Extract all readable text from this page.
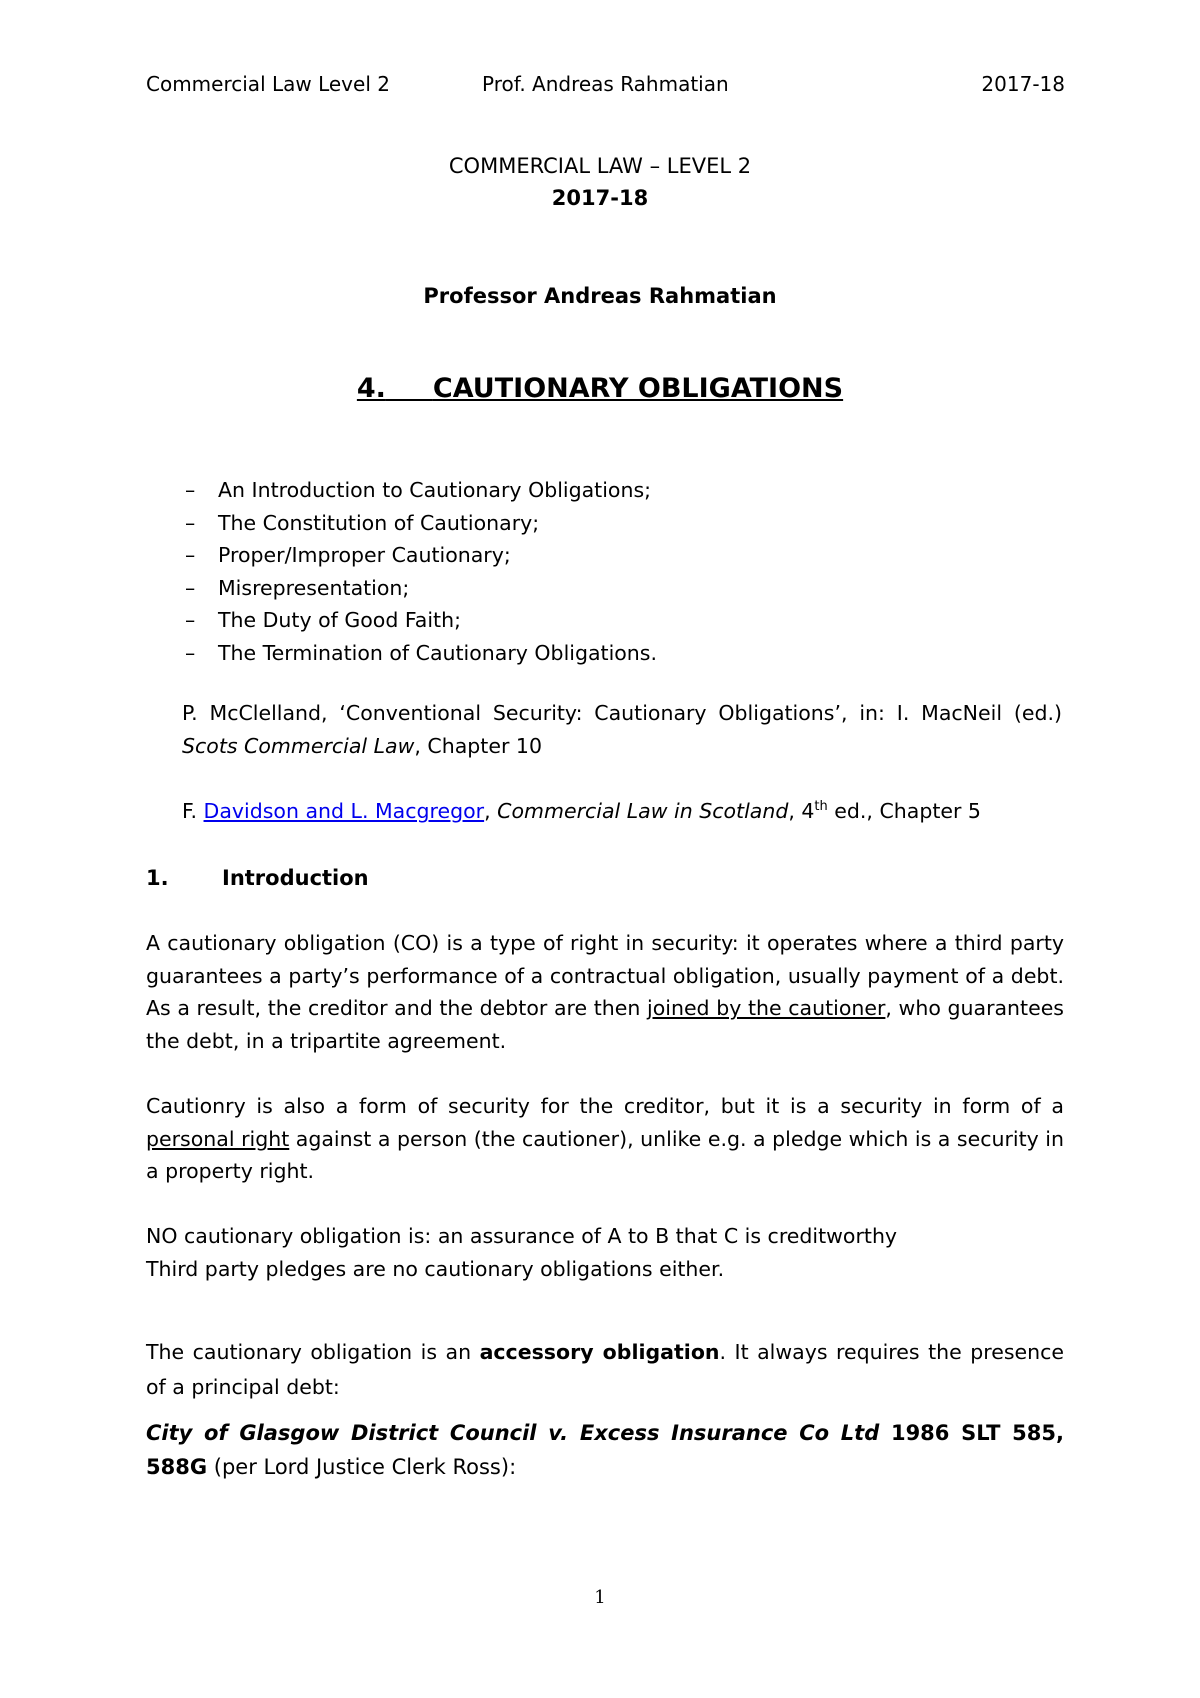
Commercial Law Level 2	Prof. Andreas Rahmatian	2017-18
COMMERCIAL LAW – LEVEL 2
2017-18
Professor Andreas Rahmatian
4. CAUTIONARY OBLIGATIONS
– An Introduction to Cautionary Obligations;
– The Constitution of Cautionary;
– Proper/Improper Cautionary;
– Misrepresentation;
– The Duty of Good Faith;
– The Termination of Cautionary Obligations.
P. McClelland, ‘Conventional Security: Cautionary Obligations’, in: I. MacNeil (ed.) Scots Commercial Law, Chapter 10
F. Davidson and L. Macgregor, Commercial Law in Scotland, 4th ed., Chapter 5
1.	Introduction
A cautionary obligation (CO) is a type of right in security: it operates where a third party guarantees a party’s performance of a contractual obligation, usually payment of a debt. As a result, the creditor and the debtor are then joined by the cautioner, who guarantees the debt, in a tripartite agreement.
Cautionry is also a form of security for the creditor, but it is a security in form of a personal right against a person (the cautioner), unlike e.g. a pledge which is a security in a property right.
NO cautionary obligation is: an assurance of A to B that C is creditworthy
Third party pledges are no cautionary obligations either.
The cautionary obligation is an accessory obligation. It always requires the presence of a principal debt:
City of Glasgow District Council v. Excess Insurance Co Ltd 1986 SLT 585, 588G (per Lord Justice Clerk Ross):
1
